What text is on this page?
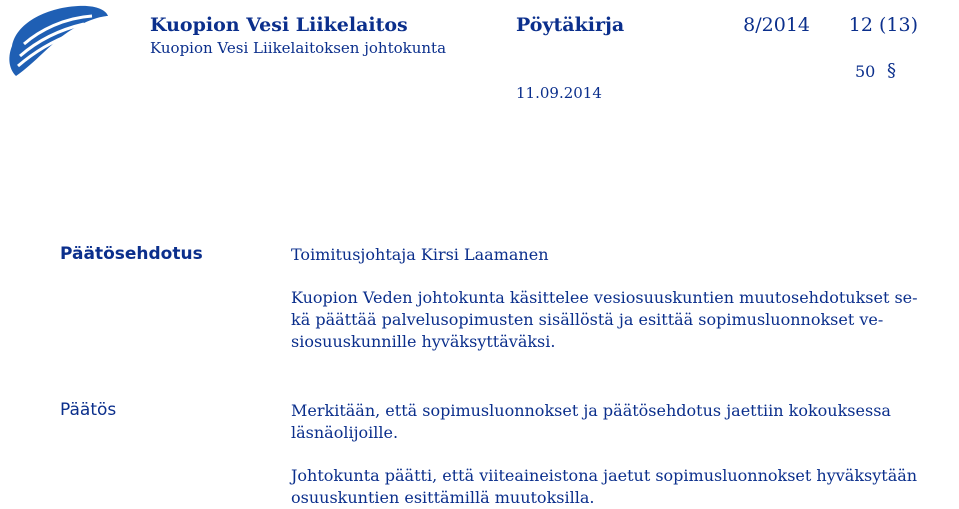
Kuopion Vesi Liikelaitos
Kuopion Vesi Liikelaitoksen johtokunta
Pöytäkirja	8/2014 12 (13)
50 §
11.09.2014
Päätösehdotus	Toimitusjohtaja Kirsi Laamanen
Kuopion Veden johtokunta käsittelee vesiosuuskuntien muutosehdotukset se-
kä päättää palvelusopimusten sisällöstä ja esittää sopimusluonnokset ve-
siosuuskunnille hyväksyttäväksi.
Päätös	Merkitään, että sopimusluonnokset ja päätösehdotus jaettiin kokouksessa
läsnäolijoille.
Johtokunta päätti, että viiteaineistona jaetut sopimusluonnokset hyväksytään
osuuskuntien esittämillä muutoksilla.
